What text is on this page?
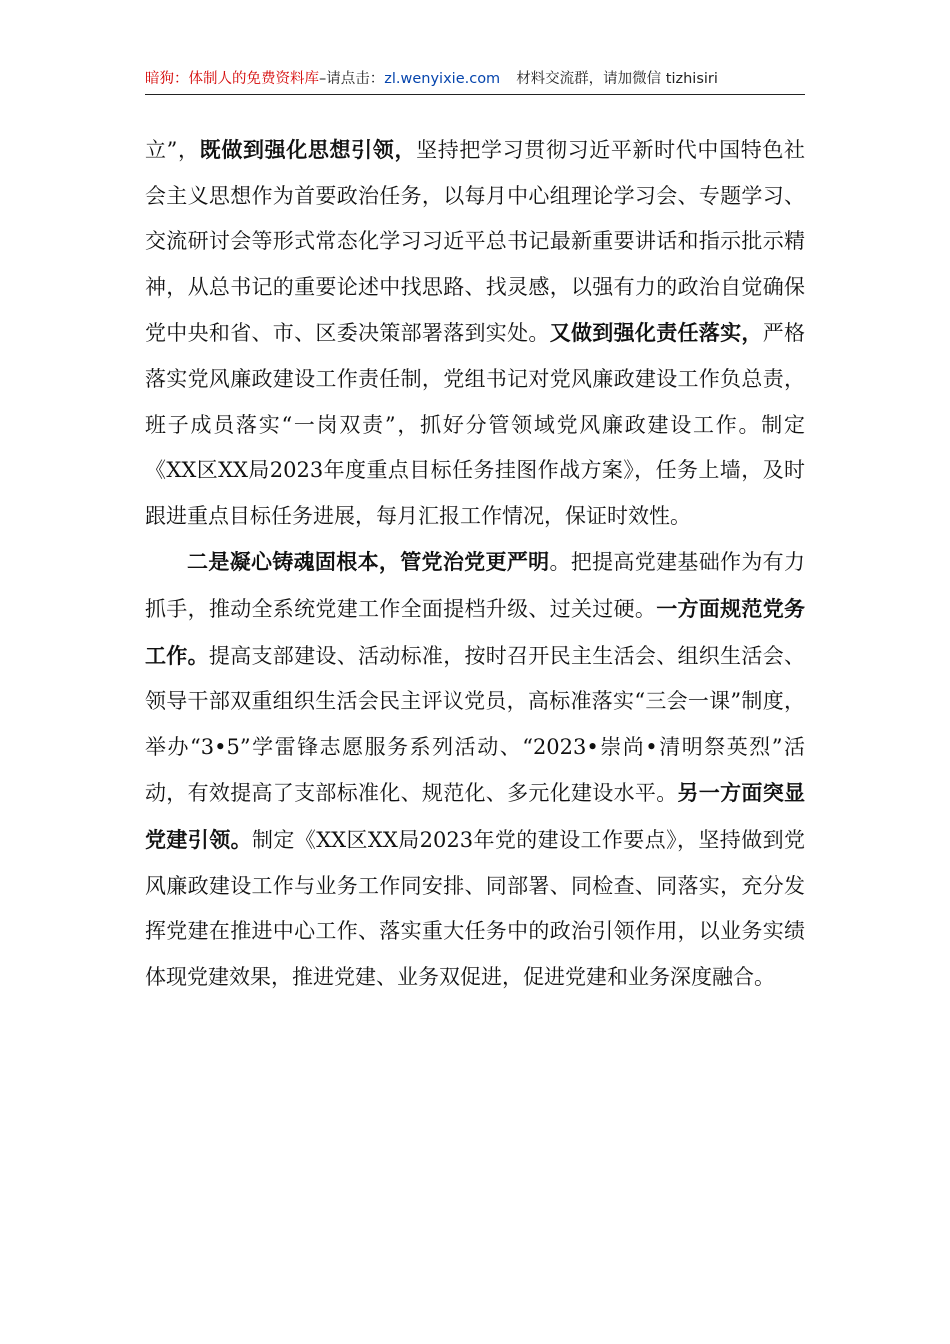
暗狗：体制人的免费资料库–请点击：zl.wenyixie.com 材料交流群，请加微信 tizhisiri

立”，既做到强化思想引领，坚持把学习贯彻习近平新时代中国特色社会主义思想作为首要政治任务，以每月中心组理论学习会、专题学习、交流研讨会等形式常态化学习习近平总书记最新重要讲话和指示批示精神，从总书记的重要论述中找思路、找灵感，以强有力的政治自觉确保党中央和省、市、区委决策部署落到实处。又做到强化责任落实，严格落实党风廉政建设工作责任制，党组书记对党风廉政建设工作负总责，班子成员落实“一岗双责”，抓好分管领域党风廉政建设工作。制定《XX区XX局2023年度重点目标任务挂图作战方案》，任务上墙，及时跟进重点目标任务进展，每月汇报工作情况，保证时效性。

二是凝心铸魂固根本，管党治党更严明。把提高党建基础作为有力抓手，推动全系统党建工作全面提档升级、过关过硬。一方面规范党务工作。提高支部建设、活动标准，按时召开民主生活会、组织生活会、领导干部双重组织生活会民主评议党员，高标准落实“三会一课”制度，举办“3•5”学雷锋志愿服务系列活动、“2023•崇尚•清明祭英烈”活动，有效提高了支部标准化、规范化、多元化建设水平。另一方面突显党建引领。制定《XX区XX局2023年党的建设工作要点》，坚持做到党风廉政建设工作与业务工作同安排、同部署、同检查、同落实，充分发挥党建在推进中心工作、落实重大任务中的政治引领作用，以业务实绩体现党建效果，推进党建、业务双促进，促进党建和业务深度融合。
